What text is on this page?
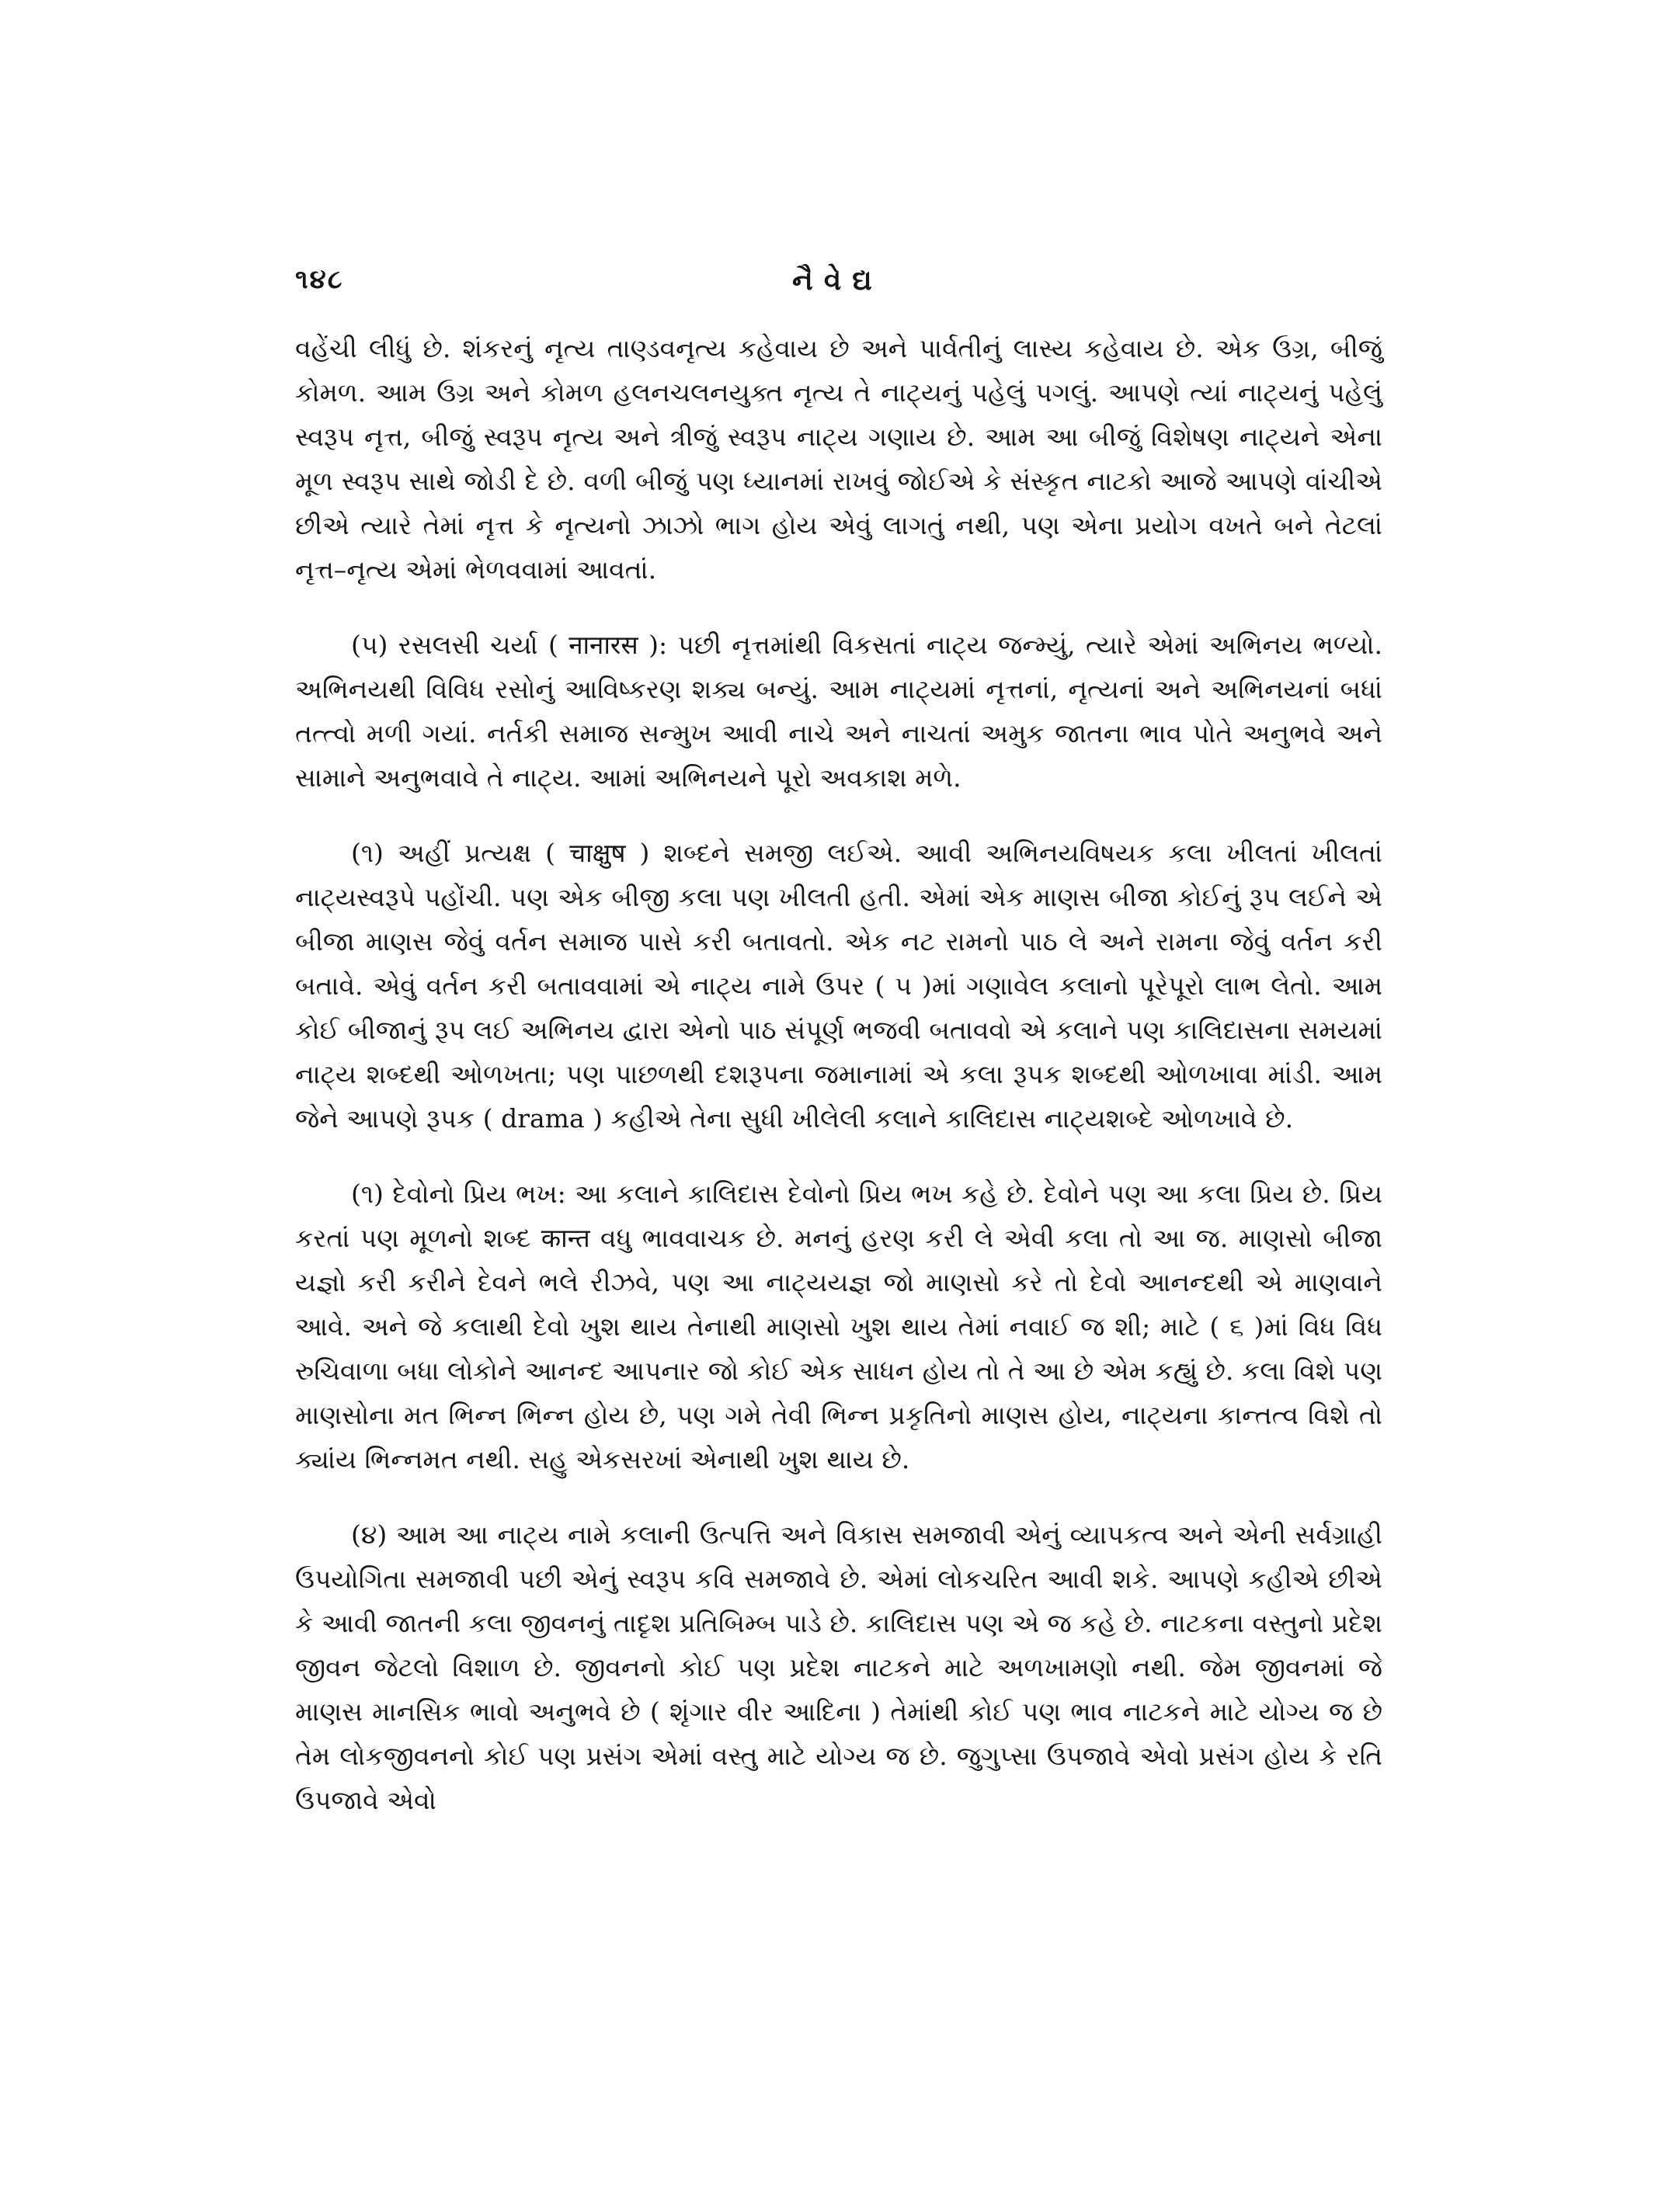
૧૪૮	નૈવેદ્ય

વહેંચી લીધું છે. શંકરનું નૃત્ય તાણ્ડવનૃત્ય કહેવાય છે અને પાર્વતીનું લાસ્ય કહેવાય છે. એક ઉગ્ર, બીજું કોમળ. આમ ઉગ્ર અને કોમળ હલનચલનયુક્ત નૃત્ય તે નાટ્યનું પહેલું પગલું. આપણે ત્યાં નાટ્યનું પહેલું સ્વરૂપ નૃત્ત, બીજું સ્વરૂપ નૃત્ય અને ત્રીજું સ્વરૂપ નાટ્ય ગણાય છે. આમ આ બીજું વિશેષણ નાટ્યને એના મૂળ સ્વરૂપ સાથે જોડી દે છે. વળી બીજું પણ ધ્યાનમાં રાખવું જોઈએ કે સંસ્કૃત નાટકો આજે આપણે વાંચીએ છીએ ત્યારે તેમાં નૃત્ત કે નૃત્યનો ઝાઝો ભાગ હોય એવું લાગતું નથી, પણ એના પ્રયોગ વખતે બને તેટલાં નૃત્ત–નૃત્ય એમાં ભેળવવામાં આવતાં.

(૫) રસલસી ચર્યા ( नानारस ): પછી નૃત્તમાંથી વિકસતાં નાટ્ય જન્મ્યું, ત્યારે એમાં અભિનય ભળ્યો. અભિનયથી વિવિધ રસોનું આવિષ્કરણ શક્ય બન્યું. આમ નાટ્યમાં નૃત્તનાં, નૃત્યનાં અને અભિનયનાં બધાં તત્ત્વો મળી ગયાં. નર્તકી સમાજ સન્મુખ આવી નાચે અને નાચતાં અમુક જાતના ભાવ પોતે અનુભવે અને સામાને અનુભવાવે તે નાટ્ય. આમાં અભિનયને પૂરો અવકાશ મળે.

(૧) અહીં પ્રત્યક્ષ ( चाक्षुष ) શબ્દને સમજી લઈએ. આવી અભિનયવિષયક કલા ખીલતાં ખીલતાં નાટ્યસ્વરૂપે પહોંચી. પણ એક બીજી કલા પણ ખીલતી હતી. એમાં એક માણસ બીજા કોઈનું રૂપ લઈને એ બીજા માણસ જેવું વર્તન સમાજ પાસે કરી બતાવતો. એક નટ રામનો પાઠ લે અને રામના જેવું વર્તન કરી બતાવે. એવું વર્તન કરી બતાવવામાં એ નાટ્ય નામે ઉપર ( ૫ )માં ગણાવેલ કલાનો પૂરેપૂરો લાભ લેતો. આમ કોઈ બીજાનું રૂપ લઈ અભિનય દ્વારા એનો પાઠ સંપૂર્ણ ભજવી બતાવવો એ કલાને પણ કાલિદાસના સમયમાં નાટ્ય શબ્દથી ઓળખતા; પણ પાછળથી દશરૂપના જમાનામાં એ કલા રૂપક શબ્દથી ઓળખાવા માંડી. આમ જેને આપણે રૂપક ( drama ) કહીએ તેના સુધી ખીલેલી કલાને કાલિદાસ નાટ્યશબ્દે ઓળખાવે છે.

(૧) દેવોનો પ્રિય ભખ: આ કલાને કાલિદાસ દેવોનો પ્રિય ભખ કહે છે. દેવોને પણ આ કલા પ્રિય છે. પ્રિય કરતાં પણ મૂળનો શબ્દ कान्त વધુ ભાવવાચક છે. મનનું હરણ કરી લે એવી કલા તો આ જ. માણસો બીજા યજ્ઞો કરી કરીને દેવને ભલે રીઝવે, પણ આ નાટ્યયજ્ઞ જો માણસો કરે તો દેવો આનન્દથી એ માણવાને આવે. અને જે કલાથી દેવો ખુશ થાય તેનાથી માણસો ખુશ થાય તેમાં નવાઈ જ શી; માટે ( ૬ )માં વિધ વિધ રુચિવાળા બધા લોકોને આનન્દ આપનાર જો કોઈ એક સાધન હોય તો તે આ છે એમ કહ્યું છે. કલા વિશે પણ માણસોના મત ભિન્ન ભિન્ન હોય છે, પણ ગમે તેવી ભિન્ન પ્રકૃતિનો માણસ હોય, નાટ્યના કાન્તત્વ વિશે તો ક્યાંય ભિન્નમત નથી. સહુ એકસરખાં એનાથી ખુશ થાય છે.

(૪) આમ આ નાટ્ય નામે કલાની ઉત્પત્તિ અને વિકાસ સમજાવી એનું વ્યાપકત્વ અને એની સર્વગ્રાહી ઉપયોગિતા સમજાવી પછી એનું સ્વરૂપ કવિ સમજાવે છે. એમાં લોકચરિત આવી શકે. આપણે કહીએ છીએ કે આવી જાતની કલા જીવનનું તાદૃશ પ્રતિબિમ્બ પાડે છે. કાલિદાસ પણ એ જ કહે છે. નાટકના વસ્તુનો પ્રદેશ જીવન જેટલો વિશાળ છે. જીવનનો કોઈ પણ પ્રદેશ નાટકને માટે અળખામણો નથી. જેમ જીવનમાં જે માણસ માનસિક ભાવો અનુભવે છે ( શૃંગાર વીર આદિના ) તેમાંથી કોઈ પણ ભાવ નાટકને માટે યોગ્ય જ છે તેમ લોકજીવનનો કોઈ પણ પ્રસંગ એમાં વસ્તુ માટે યોગ્ય જ છે. જુગુપ્સા ઉપજાવે એવો પ્રસંગ હોય કે રતિ ઉપજાવે એવો
